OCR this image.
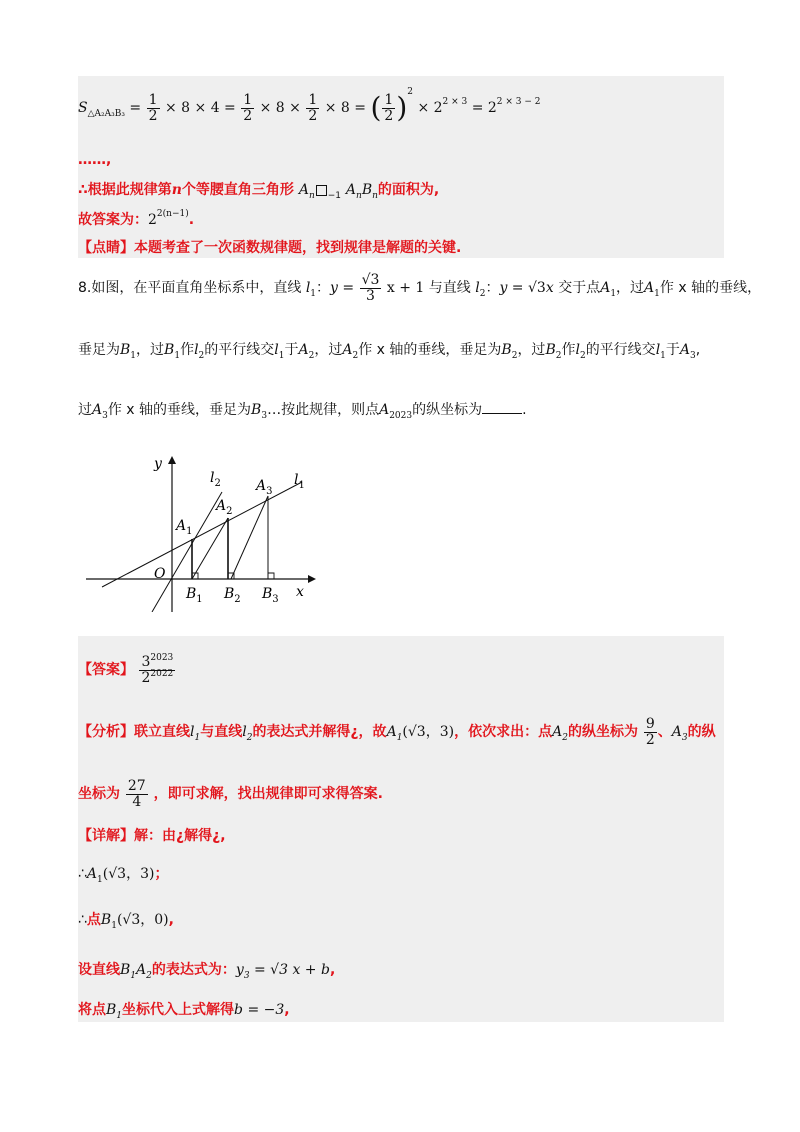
$S_{\triangle A_2A_3B_3} = \frac{1}{2} \times 8 \times 4 = \frac{1}{2} \times 8 \times \frac{1}{2} \times 8$ = ( $\frac{1}{2} )^2 \times 2^{2 \times 3} = 2^{2 \times 3 - 2}$
……,
∴根据此规律第n个等腰直角三角形 $A_n$ $_{-1}$ $A_nB_n$的面积为,
故答案为：$2^{2(n-1)}$.
【点睛】本题考查了一次函数规律题，找到规律是解题的关键.
8.如图，在平面直角坐标系中，直线 $l_1$：$y = \frac{√3}{3}$ x + 1 与直线 $l_2$：y = √3x 交于点$A_1$，过$A_1$作 x 轴的垂线，
垂足为$B_1$，过$B_1$作$l_2$的平行线交$l_1$于$A_2$，过$A_2$作 x 轴的垂线，垂足为$B_2$，过$B_2$作$l_2$的平行线交$l_1$于$A_3$,
过$A_3$作 x 轴的垂线，垂足为$B_3\dots$按此规律，则点$A_{2023}$的纵坐标为	.
y
x
O
$l_2$	$l_1$
$A_1$
$A_2$
$A_3$
$B_1$ $B_2$ $B_3$
【答案】 $\frac{3^{2023}}{2^{2022}}$
【分析】联立直线$l_1$与直线$l_2$的表达式并解得¿，故$A_1(√3$，3)，依次求出：点$A_2$的纵坐标为 $\frac{9}{2}$ 、$A_3$的纵
坐标为 $\frac{27}{4}$ ，即可求解，找出规律即可求得答案.
【详解】解：由¿解得¿,
$\therefore A_1(√3$，3)；
∴点$B_1(√3$，0),
设直线$B_1A_2$的表达式为：$y_3 = √3$ x + b,
将点$B_1$坐标代入上式解得b = −3,
